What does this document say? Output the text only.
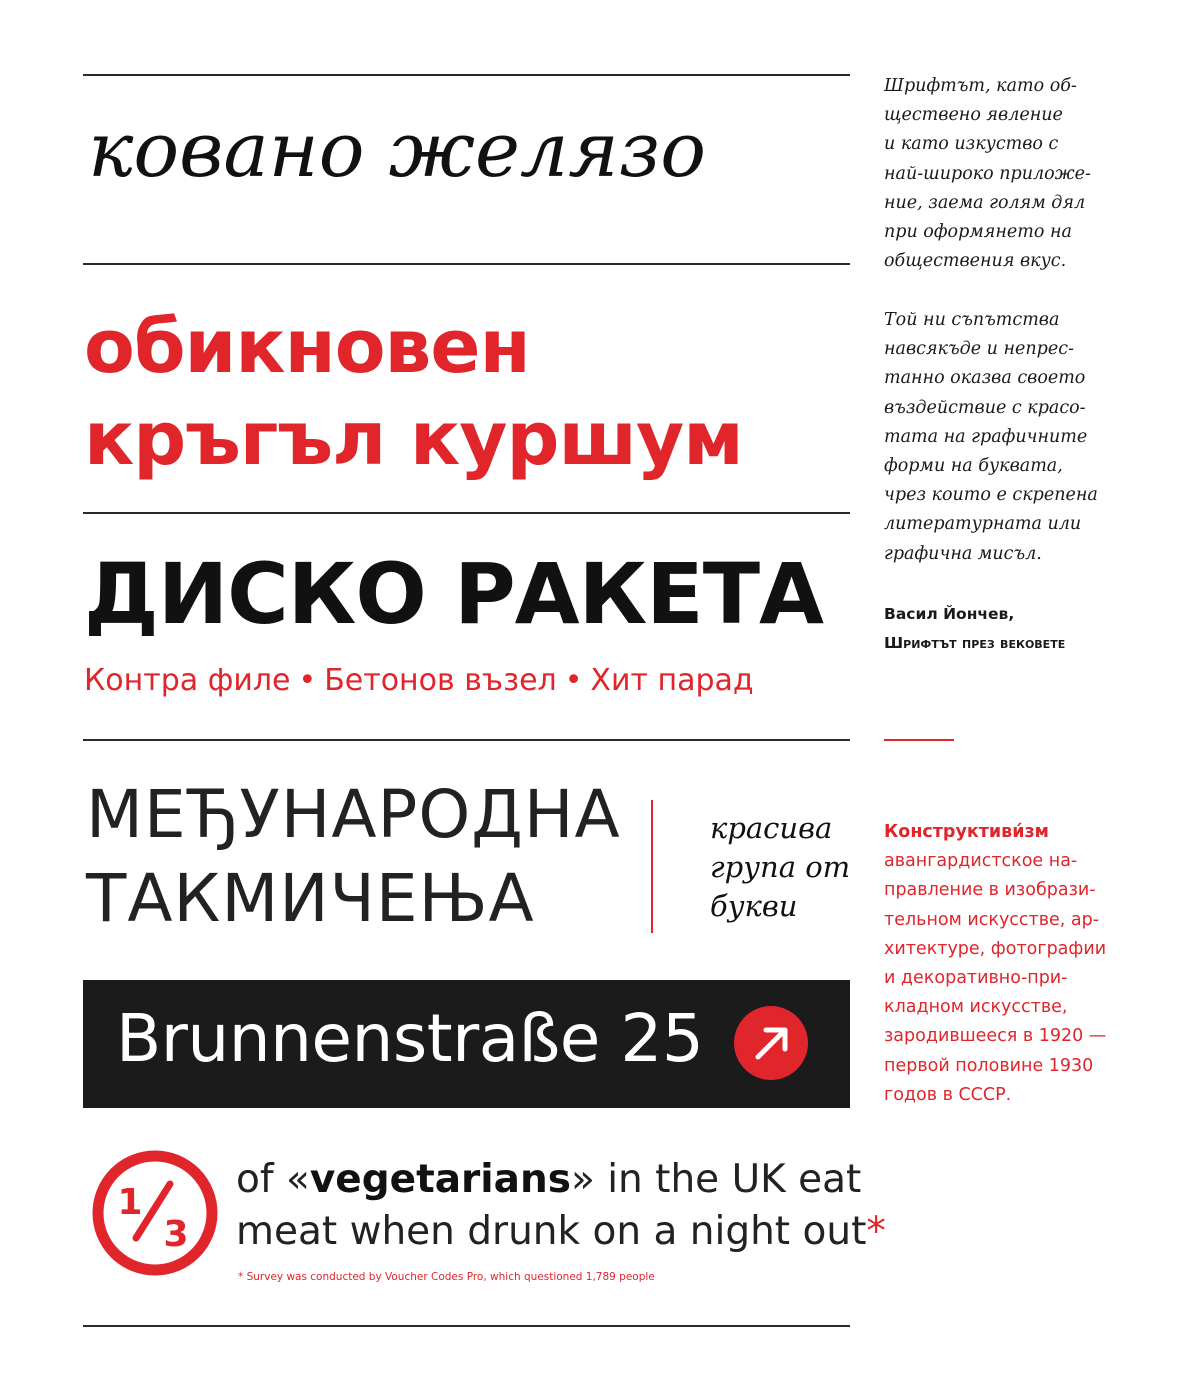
ковано желязо

обикновен

кръгъл куршум

ДИСКО РАКЕТА

Контра филе • Бетонов възел • Хит парад

МЕЂУНАРОДНА

ТАКМИЧЕЊА

красива

група от

букви

Brunnenstraße 25

1
3

of «vegetarians» in the UK eat

meat when drunk on a night out*

* Survey was conducted by Voucher Codes Pro, which questioned 1,789 people

Шрифтът, като об-
ществено явление
и като изкуство с
най-широко приложе-
ние, заема голям дял
при оформянето на
обществения вкус.

Той ни съпътства
навсякъде и непрес-
танно оказва своето
въздействие с красо-
тата на графичните
форми на буквата,
чрез които е скрепена
литературната или
графична мисъл.

Васил Йончев,
Шрифтът през вековете

Конструктиви́зм
авангардистское на-
правление в изобрази-
тельном искусстве, ар-
хитектуре, фотографии
и декоративно-при-
кладном искусстве,
зародившееся в 1920 —
первой половине 1930
годов в СССР.
